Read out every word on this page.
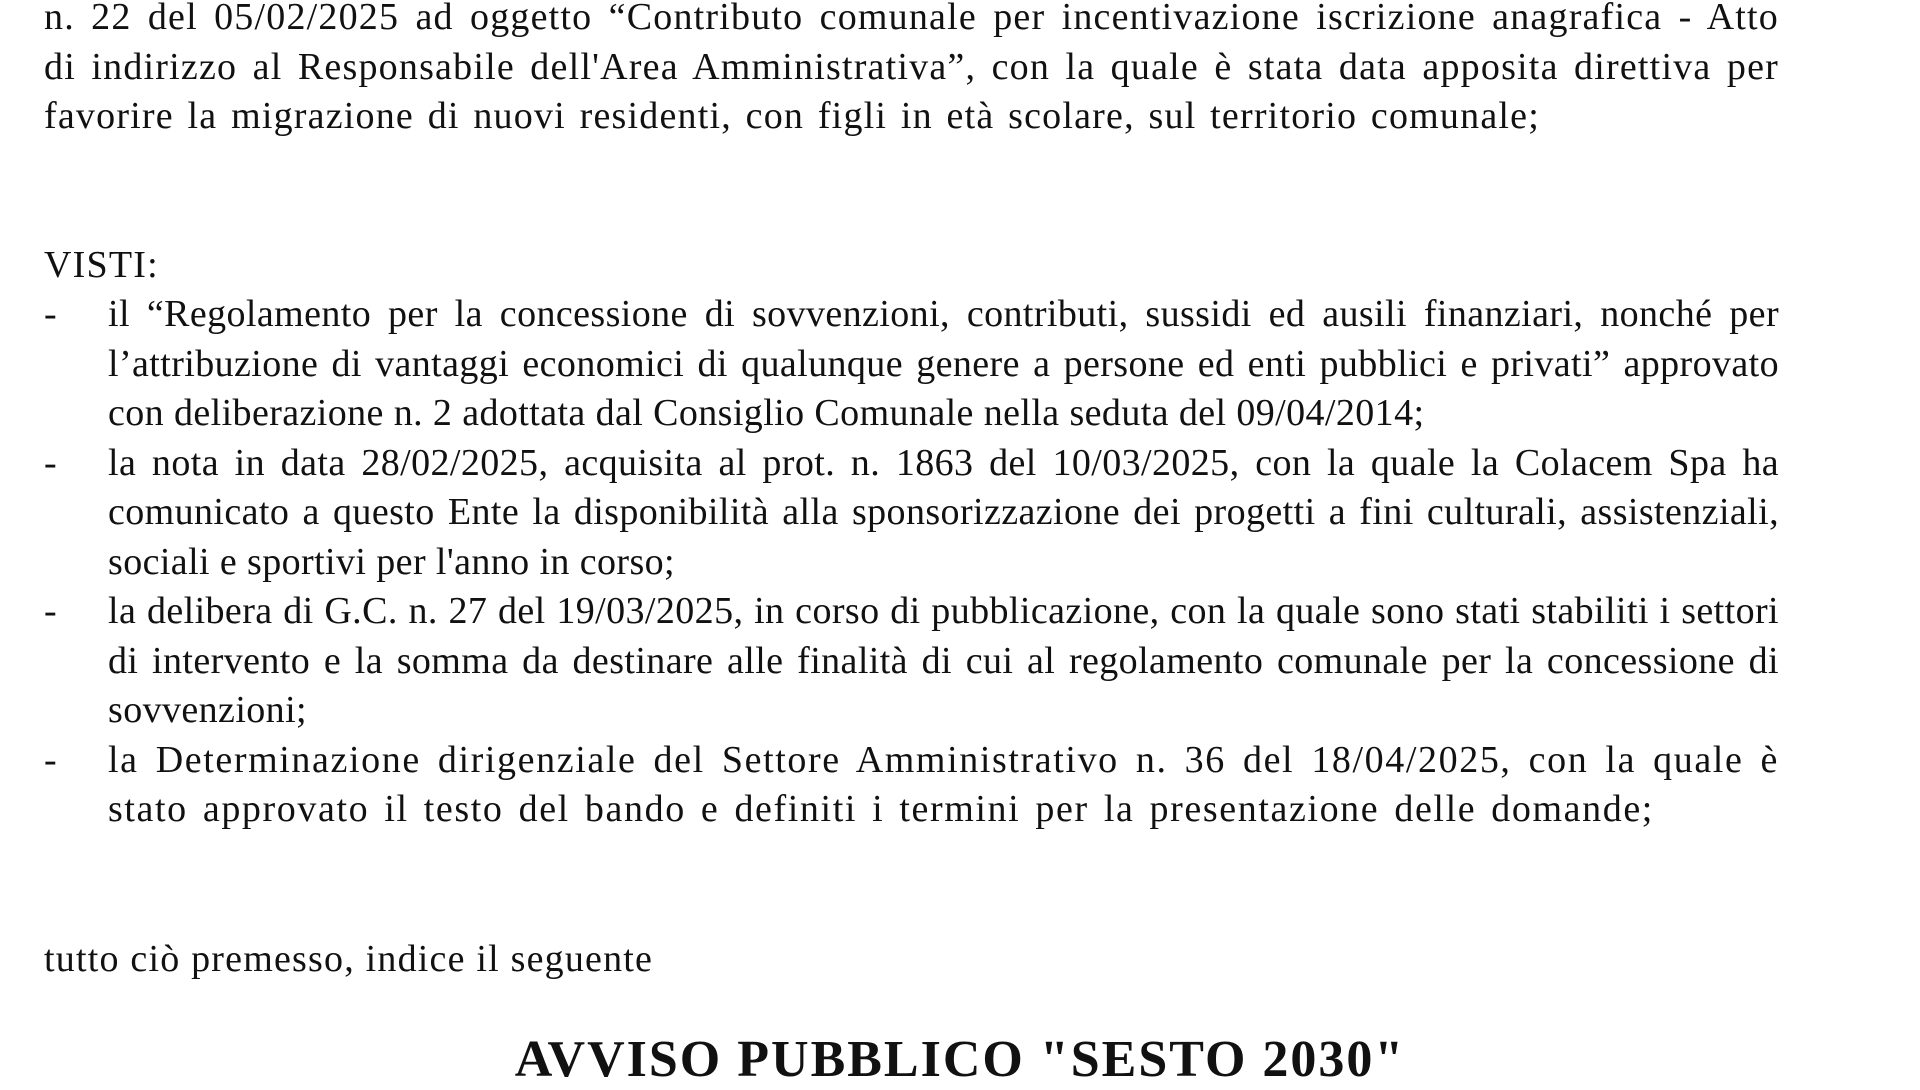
n. 22 del 05/02/2025 ad oggetto “Contributo comunale per incentivazione iscrizione anagrafica - Atto di indirizzo al Responsabile dell'Area Amministrativa”, con la quale è stata data apposita direttiva per favorire la migrazione di nuovi residenti, con figli in età scolare, sul territorio comunale;

VISTI:

- il “Regolamento per la concessione di sovvenzioni, contributi, sussidi ed ausili finanziari, nonché per l’attribuzione di vantaggi economici di qualunque genere a persone ed enti pubblici e privati” approvato con deliberazione n. 2 adottata dal Consiglio Comunale nella seduta del 09/04/2014;
- la nota in data 28/02/2025, acquisita al prot. n. 1863 del 10/03/2025, con la quale la Colacem Spa ha comunicato a questo Ente la disponibilità alla sponsorizzazione dei progetti a fini culturali, assistenziali, sociali e sportivi per l'anno in corso;
- la delibera di G.C. n. 27 del 19/03/2025, in corso di pubblicazione, con la quale sono stati stabiliti i settori di intervento e la somma da destinare alle finalità di cui al regolamento comunale per la concessione di sovvenzioni;
- la Determinazione dirigenziale del Settore Amministrativo n. 36 del 18/04/2025, con la quale è stato approvato il testo del bando e definiti i termini per la presentazione delle domande;

tutto ciò premesso, indice il seguente

AVVISO PUBBLICO "SESTO 2030"
